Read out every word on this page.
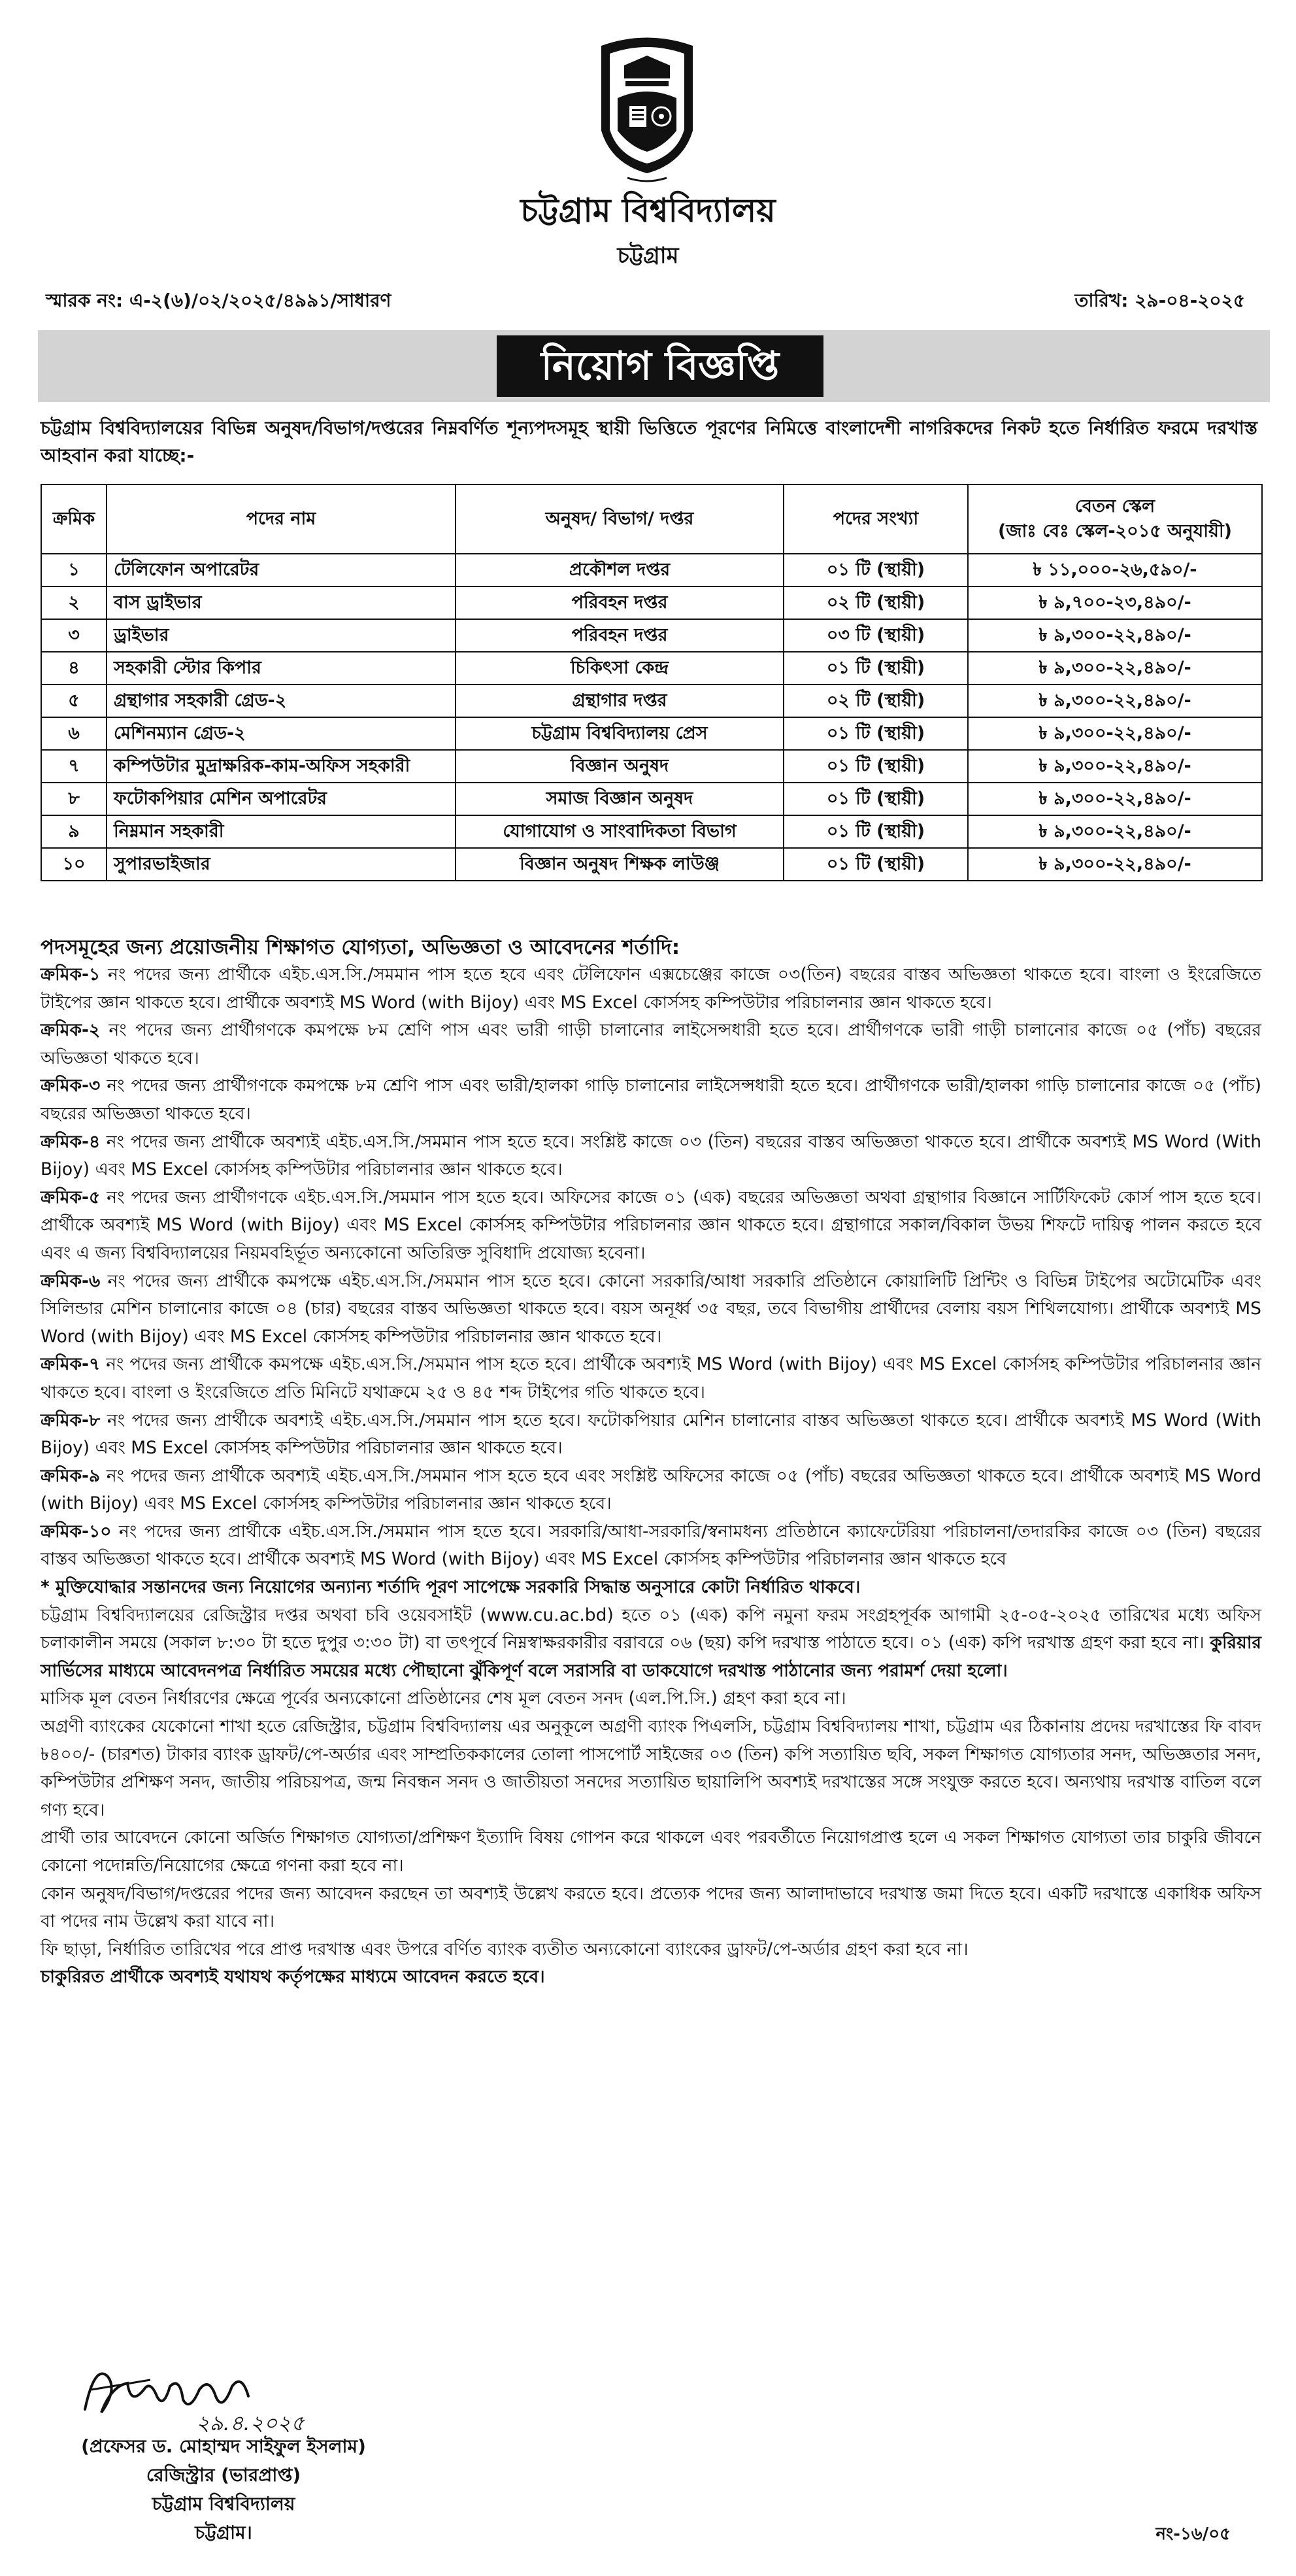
চট্টগ্রাম বিশ্ববিদ্যালয়
চট্টগ্রাম
স্মারক নং: এ-২(৬)/০২/২০২৫/৪৯৯১/সাধারণ	তারিখ: ২৯-০৪-২০২৫
নিয়োগ বিজ্ঞপ্তি
চট্টগ্রাম বিশ্ববিদ্যালয়ের বিভিন্ন অনুষদ/বিভাগ/দপ্তরের নিম্নবর্ণিত শূন্যপদসমূহ স্থায়ী ভিত্তিতে পূরণের নিমিত্তে বাংলাদেশী নাগরিকদের নিকট হতে নির্ধারিত ফরমে দরখাস্ত আহবান করা যাচ্ছে:-
ক্রমিক	পদের নাম	অনুষদ/ বিভাগ/ দপ্তর	পদের সংখ্যা	বেতন স্কেল
(জাঃ বেঃ স্কেল-২০১৫ অনুযায়ী)

১	টেলিফোন অপারেটর	প্রকৌশল দপ্তর	০১ টি (স্থায়ী)	৳ ১১,০০০-২৬,৫৯০/-
২	বাস ড্রাইভার	পরিবহন দপ্তর	০২ টি (স্থায়ী)	৳ ৯,৭০০-২৩,৪৯০/-
৩	ড্রাইভার	পরিবহন দপ্তর	০৩ টি (স্থায়ী)	৳ ৯,৩০০-২২,৪৯০/-
৪	সহকারী স্টোর কিপার	চিকিৎসা কেন্দ্র	০১ টি (স্থায়ী)	৳ ৯,৩০০-২২,৪৯০/-
৫	গ্রন্থাগার সহকারী গ্রেড-২	গ্রন্থাগার দপ্তর	০২ টি (স্থায়ী)	৳ ৯,৩০০-২২,৪৯০/-
৬	মেশিনম্যান গ্রেড-২	চট্টগ্রাম বিশ্ববিদ্যালয় প্রেস	০১ টি (স্থায়ী)	৳ ৯,৩০০-২২,৪৯০/-
৭	কম্পিউটার মুদ্রাক্ষরিক-কাম-অফিস সহকারী	বিজ্ঞান অনুষদ	০১ টি (স্থায়ী)	৳ ৯,৩০০-২২,৪৯০/-
৮	ফটোকপিয়ার মেশিন অপারেটর	সমাজ বিজ্ঞান অনুষদ	০১ টি (স্থায়ী)	৳ ৯,৩০০-২২,৪৯০/-
৯	নিম্নমান সহকারী	যোগাযোগ ও সাংবাদিকতা বিভাগ	০১ টি (স্থায়ী)	৳ ৯,৩০০-২২,৪৯০/-
১০	সুপারভাইজার	বিজ্ঞান অনুষদ শিক্ষক লাউঞ্জ	০১ টি (স্থায়ী)	৳ ৯,৩০০-২২,৪৯০/-
পদসমূহের জন্য প্রয়োজনীয় শিক্ষাগত যোগ্যতা, অভিজ্ঞতা ও আবেদনের শর্তাদি:

ক্রমিক-১ নং পদের জন্য প্রার্থীকে এইচ.এস.সি./সমমান পাস হতে হবে এবং টেলিফোন এক্সচেঞ্জের কাজে ০৩(তিন) বছরের বাস্তব অভিজ্ঞতা থাকতে হবে। বাংলা ও ইংরেজিতে টাইপের জ্ঞান থাকতে হবে। প্রার্থীকে অবশ্যই MS Word (with Bijoy) এবং MS Excel কোর্সসহ কম্পিউটার পরিচালনার জ্ঞান থাকতে হবে।

ক্রমিক-২ নং পদের জন্য প্রার্থীগণকে কমপক্ষে ৮ম শ্রেণি পাস এবং ভারী গাড়ী চালানোর লাইসেন্সধারী হতে হবে। প্রার্থীগণকে ভারী গাড়ী চালানোর কাজে ০৫ (পাঁচ) বছরের অভিজ্ঞতা থাকতে হবে।

ক্রমিক-৩ নং পদের জন্য প্রার্থীগণকে কমপক্ষে ৮ম শ্রেণি পাস এবং ভারী/হালকা গাড়ি চালানোর লাইসেন্সধারী হতে হবে। প্রার্থীগণকে ভারী/হালকা গাড়ি চালানোর কাজে ০৫ (পাঁচ) বছরের অভিজ্ঞতা থাকতে হবে।

ক্রমিক-৪ নং পদের জন্য প্রার্থীকে অবশ্যই এইচ.এস.সি./সমমান পাস হতে হবে। সংশ্লিষ্ট কাজে ০৩ (তিন) বছরের বাস্তব অভিজ্ঞতা থাকতে হবে। প্রার্থীকে অবশ্যই MS Word (With Bijoy) এবং MS Excel কোর্সসহ কম্পিউটার পরিচালনার জ্ঞান থাকতে হবে।

ক্রমিক-৫ নং পদের জন্য প্রার্থীগণকে এইচ.এস.সি./সমমান পাস হতে হবে। অফিসের কাজে ০১ (এক) বছরের অভিজ্ঞতা অথবা গ্রন্থাগার বিজ্ঞানে সার্টিফিকেট কোর্স পাস হতে হবে। প্রার্থীকে অবশ্যই MS Word (with Bijoy) এবং MS Excel কোর্সসহ কম্পিউটার পরিচালনার জ্ঞান থাকতে হবে। গ্রন্থাগারে সকাল/বিকাল উভয় শিফটে দায়িত্ব পালন করতে হবে এবং এ জন্য বিশ্ববিদ্যালয়ের নিয়মবহির্ভূত অন্যকোনো অতিরিক্ত সুবিধাদি প্রযোজ্য হবেনা।

ক্রমিক-৬ নং পদের জন্য প্রার্থীকে কমপক্ষে এইচ.এস.সি./সমমান পাস হতে হবে। কোনো সরকারি/আধা সরকারি প্রতিষ্ঠানে কোয়ালিটি প্রিন্টিং ও বিভিন্ন টাইপের অটোমেটিক এবং সিলিন্ডার মেশিন চালানোর কাজে ০৪ (চার) বছরের বাস্তব অভিজ্ঞতা থাকতে হবে। বয়স অনূর্ধ্ব ৩৫ বছর, তবে বিভাগীয় প্রার্থীদের বেলায় বয়স শিথিলযোগ্য। প্রার্থীকে অবশ্যই MS Word (with Bijoy) এবং MS Excel কোর্সসহ কম্পিউটার পরিচালনার জ্ঞান থাকতে হবে।

ক্রমিক-৭ নং পদের জন্য প্রার্থীকে কমপক্ষে এইচ.এস.সি./সমমান পাস হতে হবে। প্রার্থীকে অবশ্যই MS Word (with Bijoy) এবং MS Excel কোর্সসহ কম্পিউটার পরিচালনার জ্ঞান থাকতে হবে। বাংলা ও ইংরেজিতে প্রতি মিনিটে যথাক্রমে ২৫ ও ৪৫ শব্দ টাইপের গতি থাকতে হবে।

ক্রমিক-৮ নং পদের জন্য প্রার্থীকে অবশ্যই এইচ.এস.সি./সমমান পাস হতে হবে। ফটোকপিয়ার মেশিন চালানোর বাস্তব অভিজ্ঞতা থাকতে হবে। প্রার্থীকে অবশ্যই MS Word (With Bijoy) এবং MS Excel কোর্সসহ কম্পিউটার পরিচালনার জ্ঞান থাকতে হবে।

ক্রমিক-৯ নং পদের জন্য প্রার্থীকে অবশ্যই এইচ.এস.সি./সমমান পাস হতে হবে এবং সংশ্লিষ্ট অফিসের কাজে ০৫ (পাঁচ) বছরের অভিজ্ঞতা থাকতে হবে। প্রার্থীকে অবশ্যই MS Word (with Bijoy) এবং MS Excel কোর্সসহ কম্পিউটার পরিচালনার জ্ঞান থাকতে হবে।

ক্রমিক-১০ নং পদের জন্য প্রার্থীকে এইচ.এস.সি./সমমান পাস হতে হবে। সরকারি/আধা-সরকারি/স্বনামধন্য প্রতিষ্ঠানে ক্যাফেটেরিয়া পরিচালনা/তদারকির কাজে ০৩ (তিন) বছরের বাস্তব অভিজ্ঞতা থাকতে হবে। প্রার্থীকে অবশ্যই MS Word (with Bijoy) এবং MS Excel কোর্সসহ কম্পিউটার পরিচালনার জ্ঞান থাকতে হবে

* মুক্তিযোদ্ধার সন্তানদের জন্য নিয়োগের অন্যান্য শর্তাদি পূরণ সাপেক্ষে সরকারি সিদ্ধান্ত অনুসারে কোটা নির্ধারিত থাকবে।

চট্টগ্রাম বিশ্ববিদ্যালয়ের রেজিস্ট্রার দপ্তর অথবা চবি ওয়েবসাইট (www.cu.ac.bd) হতে ০১ (এক) কপি নমুনা ফরম সংগ্রহপূর্বক আগামী ২৫-০৫-২০২৫ তারিখের মধ্যে অফিস চলাকালীন সময়ে (সকাল ৮:৩০ টা হতে দুপুর ৩:৩০ টা) বা তৎপূর্বে নিম্নস্বাক্ষরকারীর বরাবরে ০৬ (ছয়) কপি দরখাস্ত পাঠাতে হবে। ০১ (এক) কপি দরখাস্ত গ্রহণ করা হবে না। কুরিয়ার সার্ভিসের মাধ্যমে আবেদনপত্র নির্ধারিত সময়ের মধ্যে পৌছানো ঝুঁকিপূর্ণ বলে সরাসরি বা ডাকযোগে দরখাস্ত পাঠানোর জন্য পরামর্শ দেয়া হলো।

মাসিক মূল বেতন নির্ধারণের ক্ষেত্রে পূর্বের অন্যকোনো প্রতিষ্ঠানের শেষ মূল বেতন সনদ (এল.পি.সি.) গ্রহণ করা হবে না।

অগ্রণী ব্যাংকের যেকোনো শাখা হতে রেজিস্ট্রার, চট্টগ্রাম বিশ্ববিদ্যালয় এর অনুকূলে অগ্রণী ব্যাংক পিএলসি, চট্টগ্রাম বিশ্ববিদ্যালয় শাখা, চট্টগ্রাম এর ঠিকানায় প্রদেয় দরখাস্তের ফি বাবদ ৳৪০০/- (চারশত) টাকার ব্যাংক ড্রাফট/পে-অর্ডার এবং সাম্প্রতিককালের তোলা পাসপোর্ট সাইজের ০৩ (তিন) কপি সত্যায়িত ছবি, সকল শিক্ষাগত যোগ্যতার সনদ, অভিজ্ঞতার সনদ, কম্পিউটার প্রশিক্ষণ সনদ, জাতীয় পরিচয়পত্র, জন্ম নিবন্ধন সনদ ও জাতীয়তা সনদের সত্যায়িত ছায়ালিপি অবশ্যই দরখাস্তের সঙ্গে সংযুক্ত করতে হবে। অন্যথায় দরখাস্ত বাতিল বলে গণ্য হবে।

প্রার্থী তার আবেদনে কোনো অর্জিত শিক্ষাগত যোগ্যতা/প্রশিক্ষণ ইত্যাদি বিষয় গোপন করে থাকলে এবং পরবর্তীতে নিয়োগপ্রাপ্ত হলে এ সকল শিক্ষাগত যোগ্যতা তার চাকুরি জীবনে কোনো পদোন্নতি/নিয়োগের ক্ষেত্রে গণনা করা হবে না।

কোন অনুষদ/বিভাগ/দপ্তরের পদের জন্য আবেদন করছেন তা অবশ্যই উল্লেখ করতে হবে। প্রত্যেক পদের জন্য আলাদাভাবে দরখাস্ত জমা দিতে হবে। একটি দরখাস্তে একাধিক অফিস বা পদের নাম উল্লেখ করা যাবে না।

ফি ছাড়া, নির্ধারিত তারিখের পরে প্রাপ্ত দরখাস্ত এবং উপরে বর্ণিত ব্যাংক ব্যতীত অন্যকোনো ব্যাংকের ড্রাফট/পে-অর্ডার গ্রহণ করা হবে না।

চাকুরিরত প্রার্থীকে অবশ্যই যথাযথ কর্তৃপক্ষের মাধ্যমে আবেদন করতে হবে।

২৯.৪.২০২৫
(প্রফেসর ড. মোহাম্মদ সাইফুল ইসলাম)
রেজিস্ট্রার (ভারপ্রাপ্ত)
চট্টগ্রাম বিশ্ববিদ্যালয়
চট্টগ্রাম।	নং-১৬/০৫
